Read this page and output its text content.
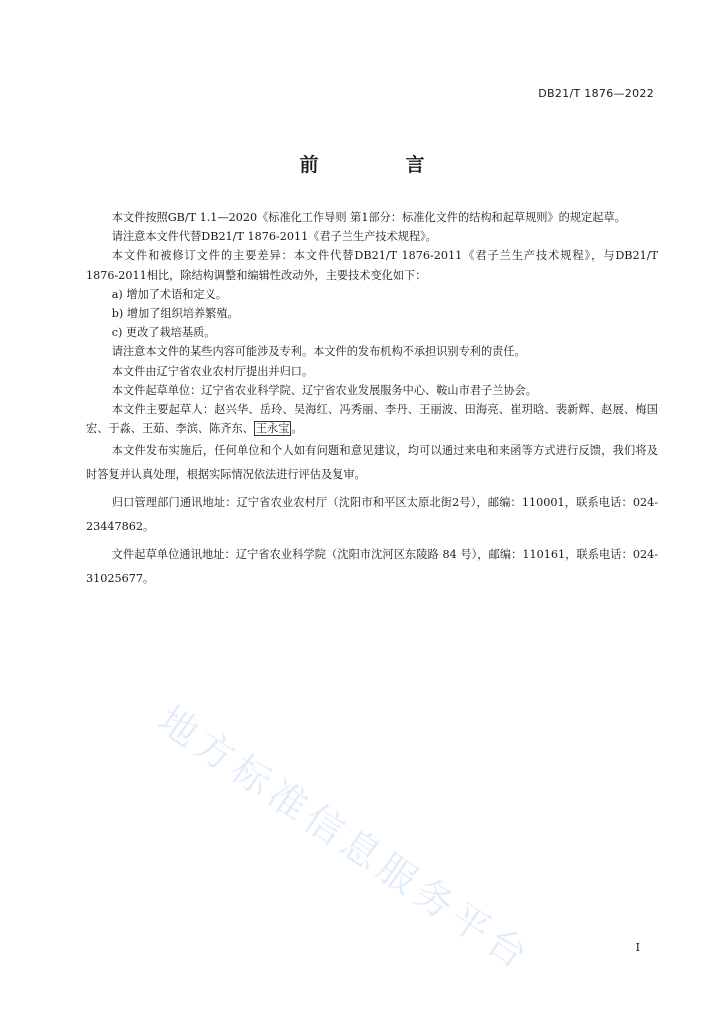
DB21/T 1876—2022
前　言

本文件按照GB/T 1.1—2020《标准化工作导则 第1部分：标准化文件的结构和起草规则》的规定起草。

请注意本文件代替DB21/T 1876-2011《君子兰生产技术规程》。

本文件和被修订文件的主要差异：本文件代替DB21/T 1876-2011《君子兰生产技术规程》，与DB21/T 1876-2011相比，除结构调整和编辑性改动外，主要技术变化如下：

a) 增加了术语和定义。

b) 增加了组织培养繁殖。

c) 更改了栽培基质。

请注意本文件的某些内容可能涉及专利。本文件的发布机构不承担识别专利的责任。

本文件由辽宁省农业农村厅提出并归口。

本文件起草单位：辽宁省农业科学院、辽宁省农业发展服务中心、鞍山市君子兰协会。

本文件主要起草人：赵兴华、岳玲、吴海红、冯秀丽、李丹、王丽波、田海亮、崔玥晗、裴新辉、赵展、梅国宏、于淼、王茹、李滨、陈齐东、 王永宝 。

本文件发布实施后，任何单位和个人如有问题和意见建议，均可以通过来电和来函等方式进行反馈，我们将及时答复并认真处理，根据实际情况依法进行评估及复审。

归口管理部门通讯地址：辽宁省农业农村厅（沈阳市和平区太原北街2号），邮编：110001，联系电话：024-23447862。

文件起草单位通讯地址：辽宁省农业科学院（沈阳市沈河区东陵路 84 号），邮编：110161，联系电话：024-31025677。

地方标准信息服务平台	I
